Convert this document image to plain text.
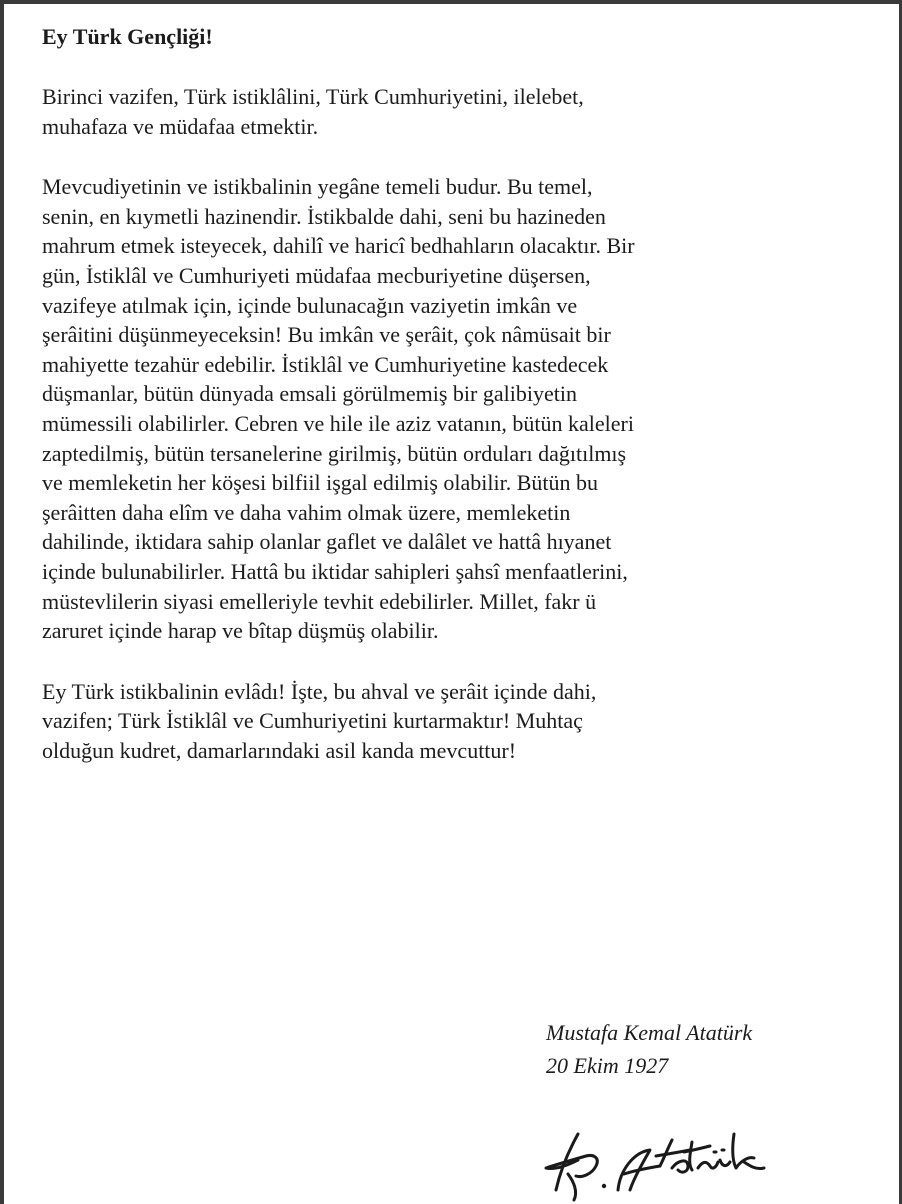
Ey Türk Gençliği!
Birinci vazifen, Türk istiklâlini, Türk Cumhuriyetini, ilelebet,
muhafaza ve müdafaa etmektir.
Mevcudiyetinin ve istikbalinin yegâne temeli budur. Bu temel,
senin, en kıymetli hazinendir. İstikbalde dahi, seni bu hazineden
mahrum etmek isteyecek, dahilî ve haricî bedhahların olacaktır. Bir
gün, İstiklâl ve Cumhuriyeti müdafaa mecburiyetine düşersen,
vazifeye atılmak için, içinde bulunacağın vaziyetin imkân ve
şerâitini düşünmeyeceksin! Bu imkân ve şerâit, çok nâmüsait bir
mahiyette tezahür edebilir. İstiklâl ve Cumhuriyetine kastedecek
düşmanlar, bütün dünyada emsali görülmemiş bir galibiyetin
mümessili olabilirler. Cebren ve hile ile aziz vatanın, bütün kaleleri
zaptedilmiş, bütün tersanelerine girilmiş, bütün orduları dağıtılmış
ve memleketin her köşesi bilfiil işgal edilmiş olabilir. Bütün bu
şerâitten daha elîm ve daha vahim olmak üzere, memleketin
dahilinde, iktidara sahip olanlar gaflet ve dalâlet ve hattâ hıyanet
içinde bulunabilirler. Hattâ bu iktidar sahipleri şahsî menfaatlerini,
müstevlilerin siyasi emelleriyle tevhit edebilirler. Millet, fakr ü
zaruret içinde harap ve bîtap düşmüş olabilir.
Ey Türk istikbalinin evlâdı! İşte, bu ahval ve şerâit içinde dahi,
vazifen; Türk İstiklâl ve Cumhuriyetini kurtarmaktır! Muhtaç
olduğun kudret, damarlarındaki asil kanda mevcuttur!
Mustafa Kemal Atatürk
20 Ekim 1927
